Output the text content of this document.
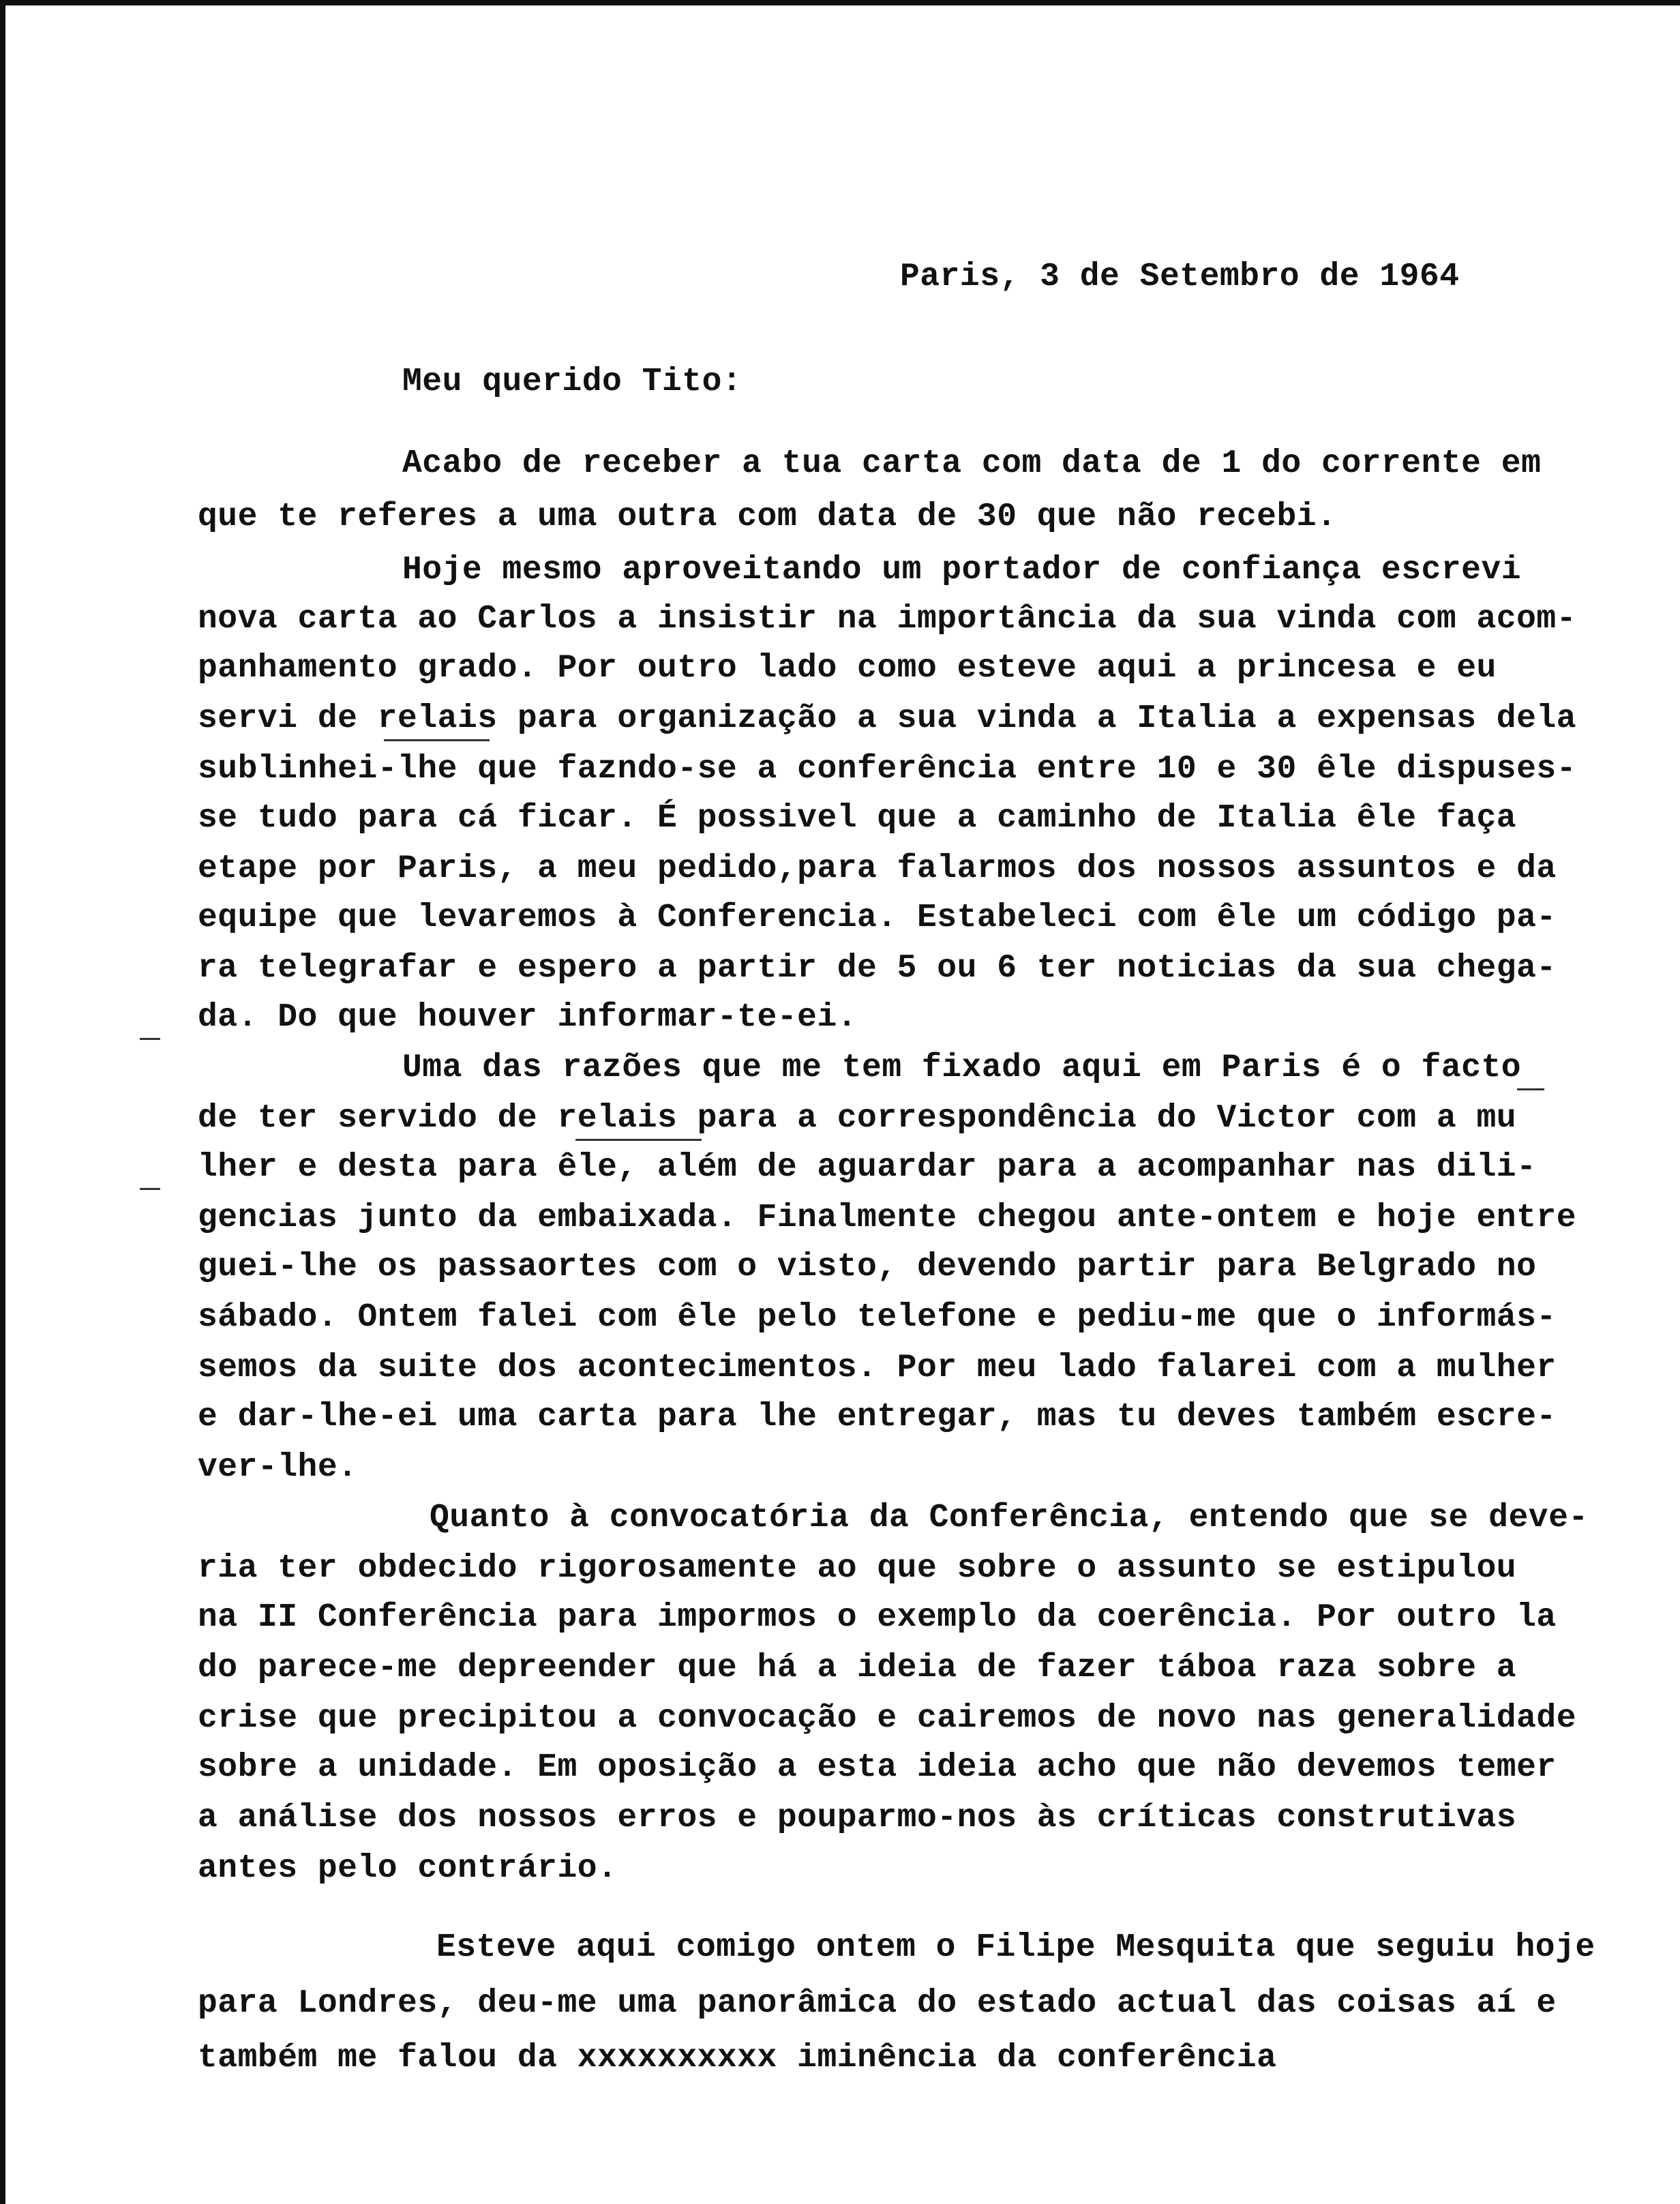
Paris, 3 de Setembro de 1964
Meu querido Tito:
Acabo de receber a tua carta com data de 1 do corrente em
que te referes a uma outra com data de 30 que não recebi.
Hoje mesmo aproveitando um portador de confiança escrevi
nova carta ao Carlos a insistir na importância da sua vinda com acom-
panhamento grado. Por outro lado como esteve aqui a princesa e eu
servi de relais para organização a sua vinda a Italia a expensas dela
sublinhei-lhe que fazndo-se a conferência entre 10 e 30 êle dispuses-
se tudo para cá ficar. É possivel que a caminho de Italia êle faça
etape por Paris, a meu pedido,para falarmos dos nossos assuntos e da
equipe que levaremos à Conferencia. Estabeleci com êle um código pa-
ra telegrafar e espero a partir de 5 ou 6 ter noticias da sua chega-
da. Do que houver informar-te-ei.
Uma das razões que me tem fixado aqui em Paris é o facto
de ter servido de relais para a correspondência do Victor com a mu
lher e desta para êle, além de aguardar para a acompanhar nas dili-
gencias junto da embaixada. Finalmente chegou ante-ontem e hoje entre
guei-lhe os passaortes com o visto, devendo partir para Belgrado no
sábado. Ontem falei com êle pelo telefone e pediu-me que o informás-
semos da suite dos acontecimentos. Por meu lado falarei com a mulher
e dar-lhe-ei uma carta para lhe entregar, mas tu deves também escre-
ver-lhe.
Quanto à convocatória da Conferência, entendo que se deve-
ria ter obdecido rigorosamente ao que sobre o assunto se estipulou
na II Conferência para impormos o exemplo da coerência. Por outro la
do parece-me depreender que há a ideia de fazer táboa raza sobre a
crise que precipitou a convocação e cairemos de novo nas generalidade
sobre a unidade. Em oposição a esta ideia acho que não devemos temer
a análise dos nossos erros e pouparmo-nos às críticas construtivas
antes pelo contrário.
Esteve aqui comigo ontem o Filipe Mesquita que seguiu hoje
para Londres, deu-me uma panorâmica do estado actual das coisas aí e
também me falou da xxxxxxxxxx iminência da conferência
